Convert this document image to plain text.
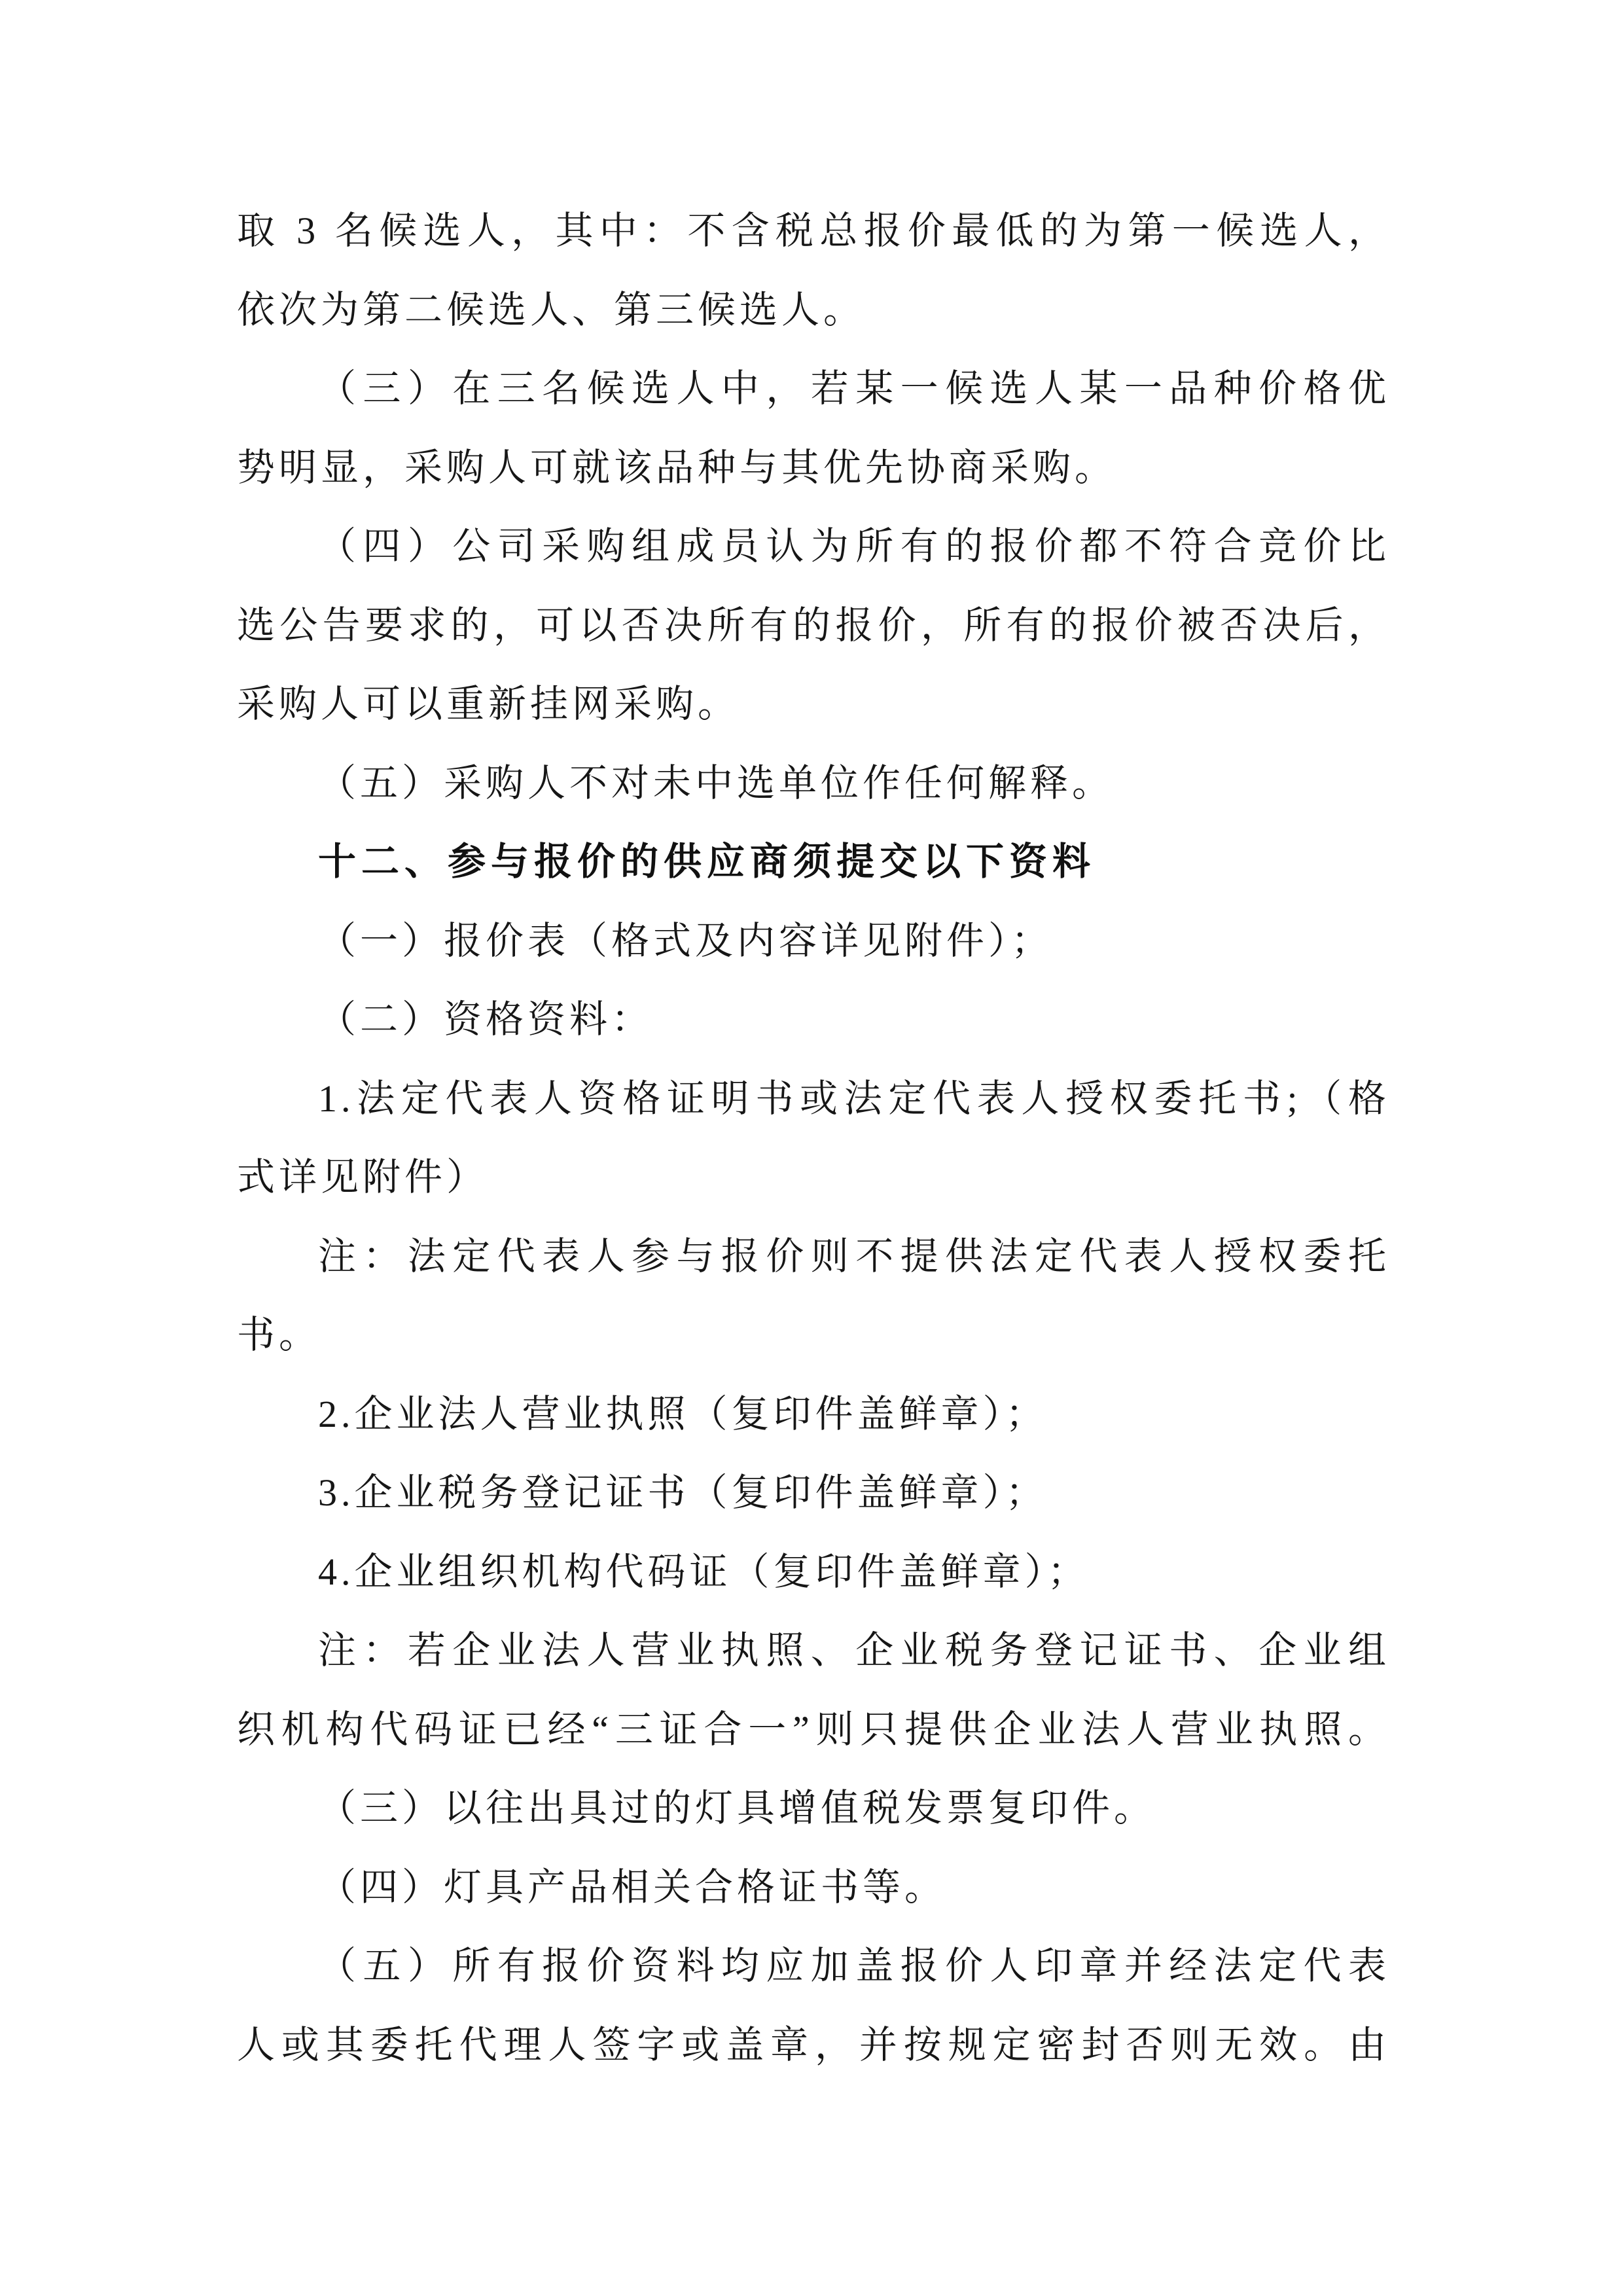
取 3 名候选人，其中：不含税总报价最低的为第一候选人，
依次为第二候选人、第三候选人。
（三）在三名候选人中，若某一候选人某一品种价格优
势明显，采购人可就该品种与其优先协商采购。
（四）公司采购组成员认为所有的报价都不符合竞价比
选公告要求的，可以否决所有的报价，所有的报价被否决后，
采购人可以重新挂网采购。
（五）采购人不对未中选单位作任何解释。
十二、参与报价的供应商须提交以下资料
（一）报价表（格式及内容详见附件）；
（二）资格资料：
1.法定代表人资格证明书或法定代表人授权委托书;（格
式详见附件）
注：法定代表人参与报价则不提供法定代表人授权委托
书。
2.企业法人营业执照（复印件盖鲜章）；
3.企业税务登记证书（复印件盖鲜章）；
4.企业组织机构代码证（复印件盖鲜章）；
注：若企业法人营业执照、企业税务登记证书、企业组
织机构代码证已经“三证合一”则只提供企业法人营业执照。
（三）以往出具过的灯具增值税发票复印件。
（四）灯具产品相关合格证书等。
（五）所有报价资料均应加盖报价人印章并经法定代表
人或其委托代理人签字或盖章，并按规定密封否则无效。由
